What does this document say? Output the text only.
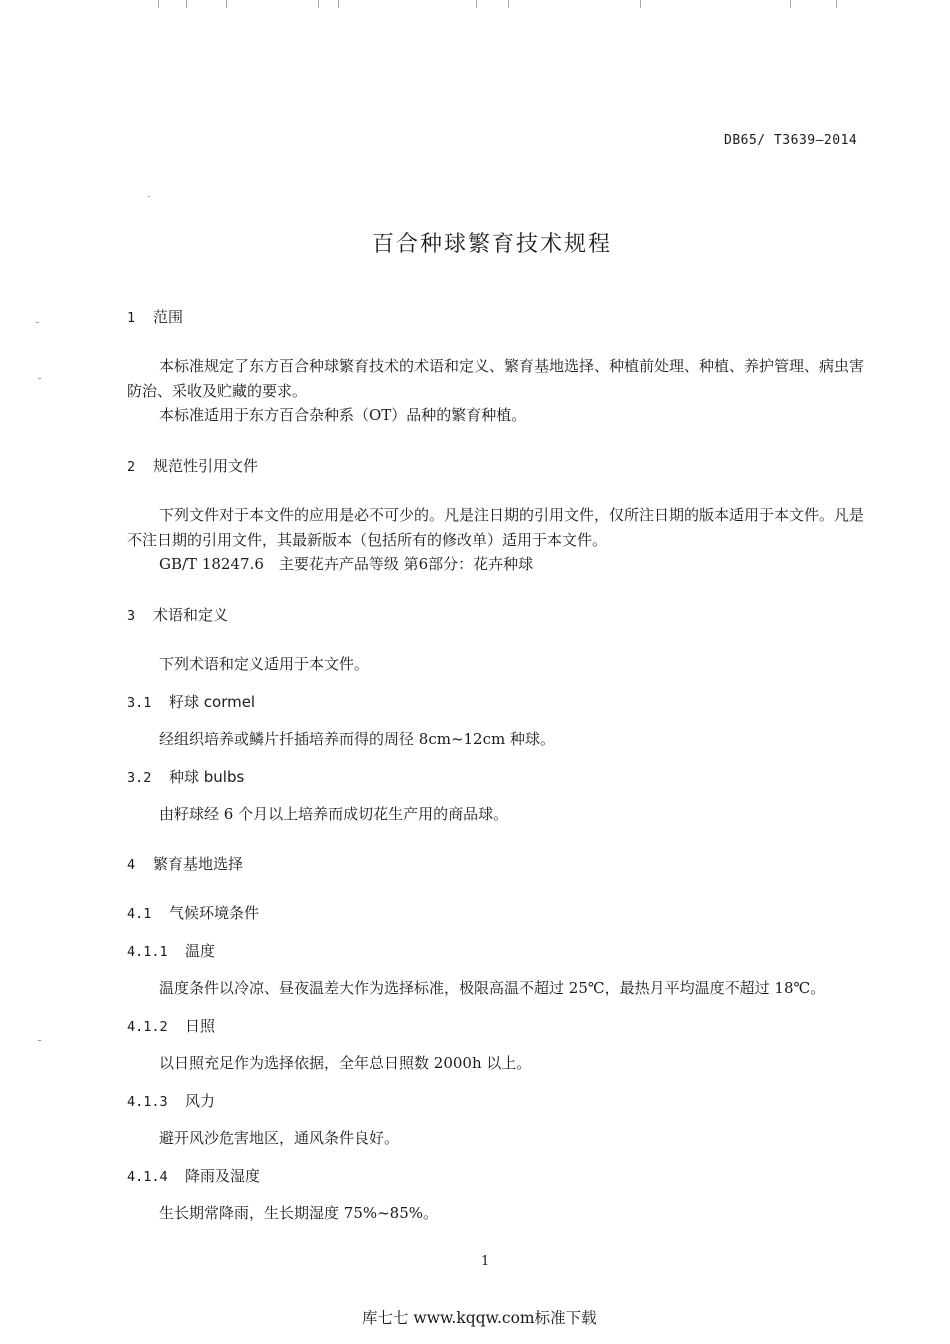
DB65/ T3639—2014
百合种球繁育技术规程
1 范围
本标准规定了东方百合种球繁育技术的术语和定义、繁育基地选择、种植前处理、种植、养护管理、病虫害防治、采收及贮藏的要求。
本标准适用于东方百合杂种系（OT）品种的繁育种植。
2 规范性引用文件
下列文件对于本文件的应用是必不可少的。凡是注日期的引用文件，仅所注日期的版本适用于本文件。凡是不注日期的引用文件，其最新版本（包括所有的修改单）适用于本文件。
GB/T 18247.6　主要花卉产品等级 第6部分：花卉种球
3 术语和定义
下列术语和定义适用于本文件。
3.1 籽球 cormel
经组织培养或鳞片扦插培养而得的周径 8cm~12cm 种球。
3.2 种球 bulbs
由籽球经 6 个月以上培养而成切花生产用的商品球。
4 繁育基地选择
4.1 气候环境条件
4.1.1 温度
温度条件以冷凉、昼夜温差大作为选择标准，极限高温不超过 25℃，最热月平均温度不超过 18℃。
4.1.2 日照
以日照充足作为选择依据，全年总日照数 2000h 以上。
4.1.3 风力
避开风沙危害地区，通风条件良好。
4.1.4 降雨及湿度
生长期常降雨，生长期湿度 75%~85%。
1
库七七 www.kqqw.com标准下载
